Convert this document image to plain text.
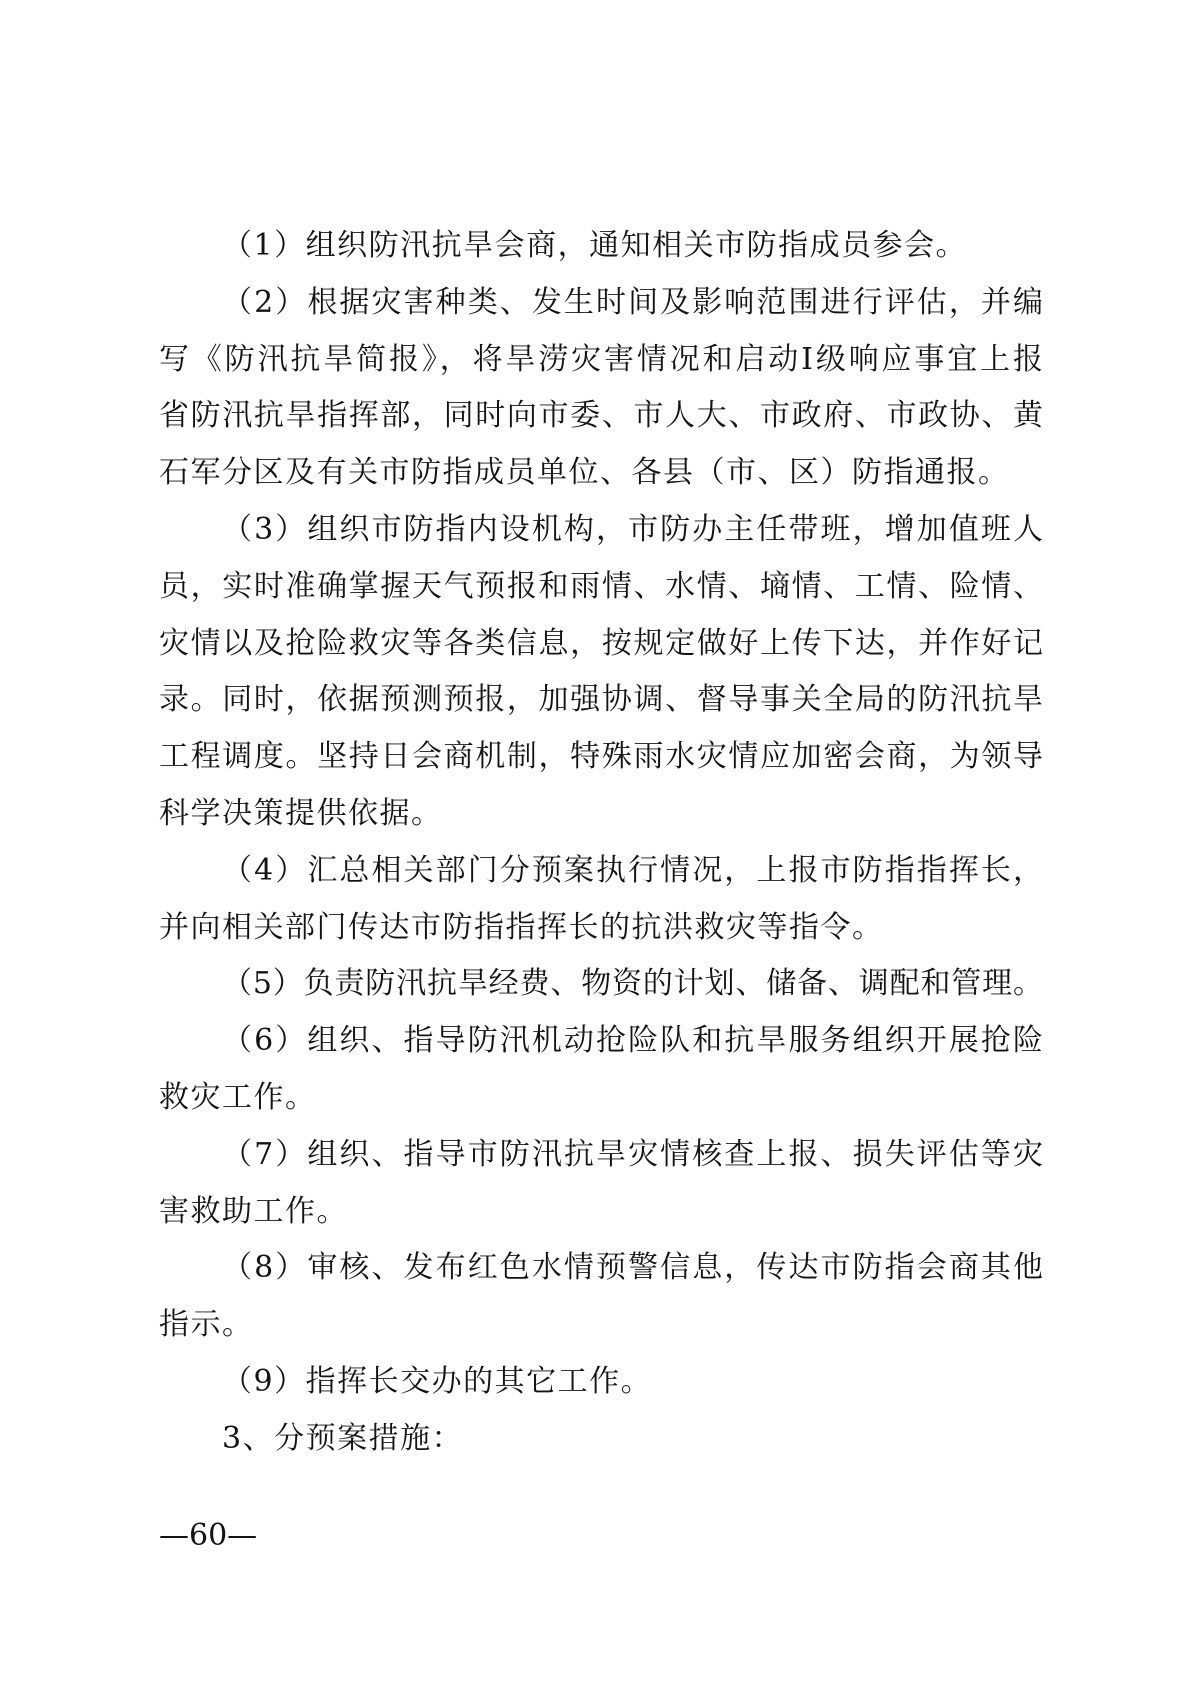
（1）组织防汛抗旱会商，通知相关市防指成员参会。
（2）根据灾害种类、发生时间及影响范围进行评估，并编
写《防汛抗旱简报》，将旱涝灾害情况和启动Ⅰ级响应事宜上报
省防汛抗旱指挥部，同时向市委、市人大、市政府、市政协、黄
石军分区及有关市防指成员单位、各县（市、区）防指通报。
（3）组织市防指内设机构，市防办主任带班，增加值班人
员，实时准确掌握天气预报和雨情、水情、墒情、工情、险情、
灾情以及抢险救灾等各类信息，按规定做好上传下达，并作好记
录。同时，依据预测预报，加强协调、督导事关全局的防汛抗旱
工程调度。坚持日会商机制，特殊雨水灾情应加密会商，为领导
科学决策提供依据。
（4）汇总相关部门分预案执行情况，上报市防指指挥长，
并向相关部门传达市防指指挥长的抗洪救灾等指令。
（5）负责防汛抗旱经费、物资的计划、储备、调配和管理。
（6）组织、指导防汛机动抢险队和抗旱服务组织开展抢险
救灾工作。
（7）组织、指导市防汛抗旱灾情核查上报、损失评估等灾
害救助工作。
（8）审核、发布红色水情预警信息，传达市防指会商其他
指示。
（9）指挥长交办的其它工作。
3、分预案措施：
—60—
